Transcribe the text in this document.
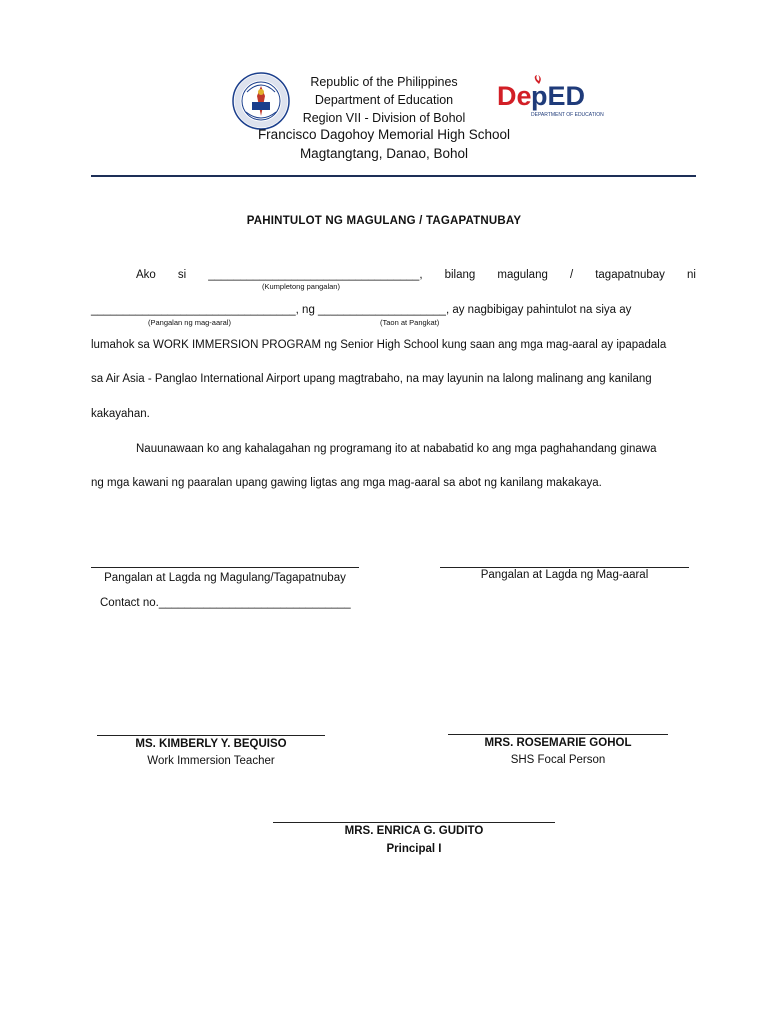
Republic of the Philippines
Department of Education
Region VII - Division of Bohol
Francisco Dagohoy Memorial High School
Magtangtang, Danao, Bohol
De pED
DEPARTMENT OF EDUCATION
PAHINTULOT NG MAGULANG / TAGAPATNUBAY
Ako si _________________________________, bilang magulang / tagapatnubay ni
(Kumpletong pangalan)
________________________________, ng ____________________, ay nagbibigay pahintulot na siya ay
(Pangalan ng mag-aaral)	(Taon at Pangkat)
lumahok sa WORK IMMERSION PROGRAM ng Senior High School kung saan ang mga mag-aaral ay ipapadala
sa Air Asia - Panglao International Airport upang magtrabaho, na may layunin na lalong malinang ang kanilang
kakayahan.
Nauunawaan ko ang kahalagahan ng programang ito at nababatid ko ang mga paghahandang ginawa
ng mga kawani ng paaralan upang gawing ligtas ang mga mag-aaral sa abot ng kanilang makakaya.
Pangalan at Lagda ng Magulang/Tagapatnubay
Contact no.______________________________
Pangalan at Lagda ng Mag-aaral
MS. KIMBERLY Y. BEQUISO
Work Immersion Teacher
MRS. ROSEMARIE GOHOL
SHS Focal Person
MRS. ENRICA G. GUDITO
Principal I
